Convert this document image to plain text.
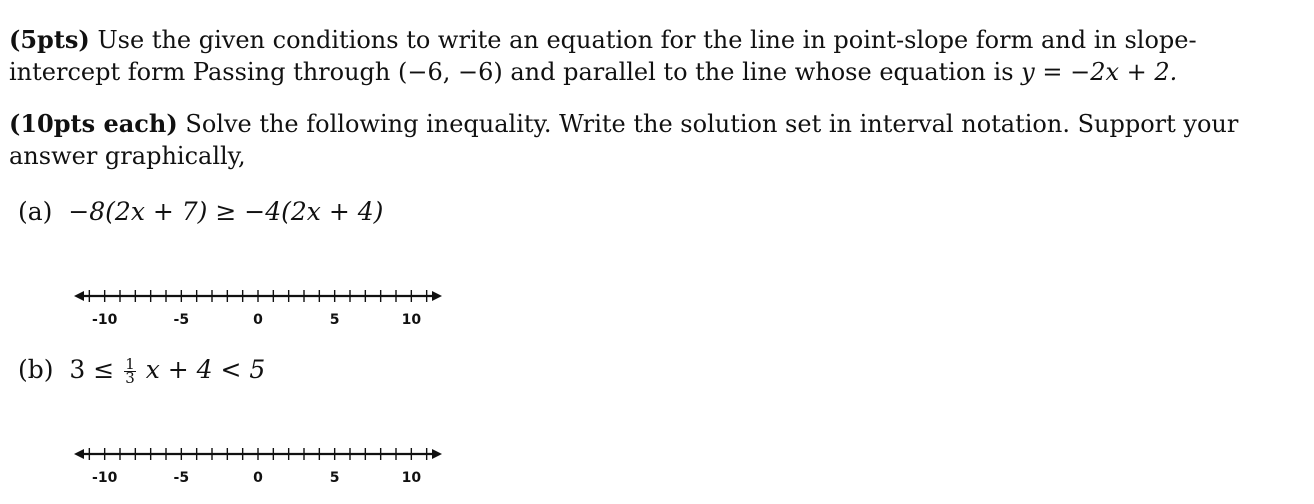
(5pts) Use the given conditions to write an equation for the line in point-slope form and in slope-intercept form Passing through (−6, −6) and parallel to the line whose equation is y = −2x + 2.
(10pts each) Solve the following inequality. Write the solution set in interval notation. Support your answer graphically,
(a) −8(2x + 7) ≥ −4(2x + 4)
-10	-5	0	5	10
(b) $3 \le \frac{1}{3}$ x + 4 < 5
-10	-5	0	5	10
